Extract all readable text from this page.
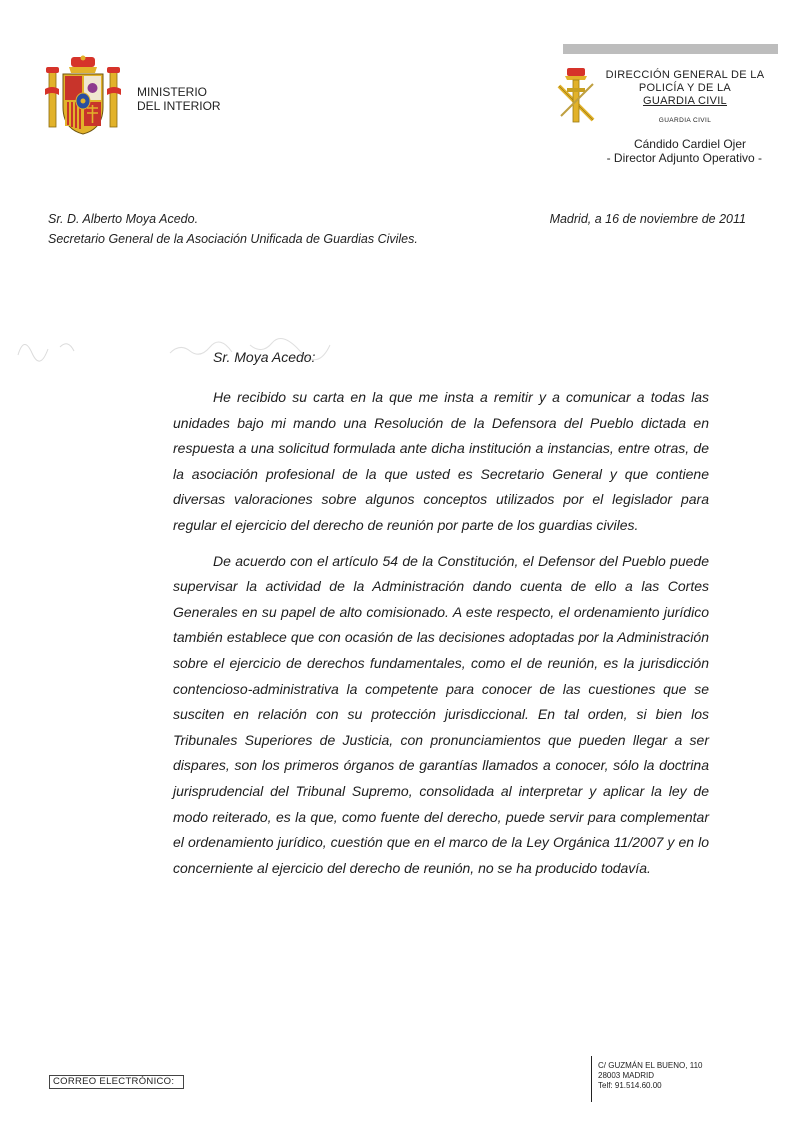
MINISTERIO
DEL INTERIOR
DIRECCIÓN GENERAL DE LA
POLICÍA Y DE LA
GUARDIA CIVIL
GUARDIA CIVIL
Cándido Cardiel Ojer
- Director Adjunto Operativo -
Sr. D. Alberto Moya Acedo.
Secretario General de la Asociación Unificada de Guardias Civiles.
Madrid, a 16 de noviembre de 2011
Sr. Moya Acedo:

He recibido su carta en la que me insta a remitir y a comunicar a todas las unidades bajo mi mando una Resolución de la Defensora del Pueblo dictada en respuesta a una solicitud formulada ante dicha institución a instancias, entre otras, de la asociación profesional de la que usted es Secretario General y que contiene diversas valoraciones sobre algunos conceptos utilizados por el legislador para regular el ejercicio del derecho de reunión por parte de los guardias civiles.

De acuerdo con el artículo 54 de la Constitución, el Defensor del Pueblo puede supervisar la actividad de la Administración dando cuenta de ello a las Cortes Generales en su papel de alto comisionado. A este respecto, el ordenamiento jurídico también establece que con ocasión de las decisiones adoptadas por la Administración sobre el ejercicio de derechos fundamentales, como el de reunión, es la jurisdicción contencioso-administrativa la competente para conocer de las cuestiones que se susciten en relación con su protección jurisdiccional. En tal orden, si bien los Tribunales Superiores de Justicia, con pronunciamientos que pueden llegar a ser dispares, son los primeros órganos de garantías llamados a conocer, sólo la doctrina jurisprudencial del Tribunal Supremo, consolidada al interpretar y aplicar la ley de modo reiterado, es la que, como fuente del derecho, puede servir para complementar el ordenamiento jurídico, cuestión que en el marco de la Ley Orgánica 11/2007 y en lo concerniente al ejercicio del derecho de reunión, no se ha producido todavía.

CORREO ELECTRÓNICO:
C/ GUZMÁN EL BUENO, 110
28003 MADRID
Telf: 91.514.60.00
